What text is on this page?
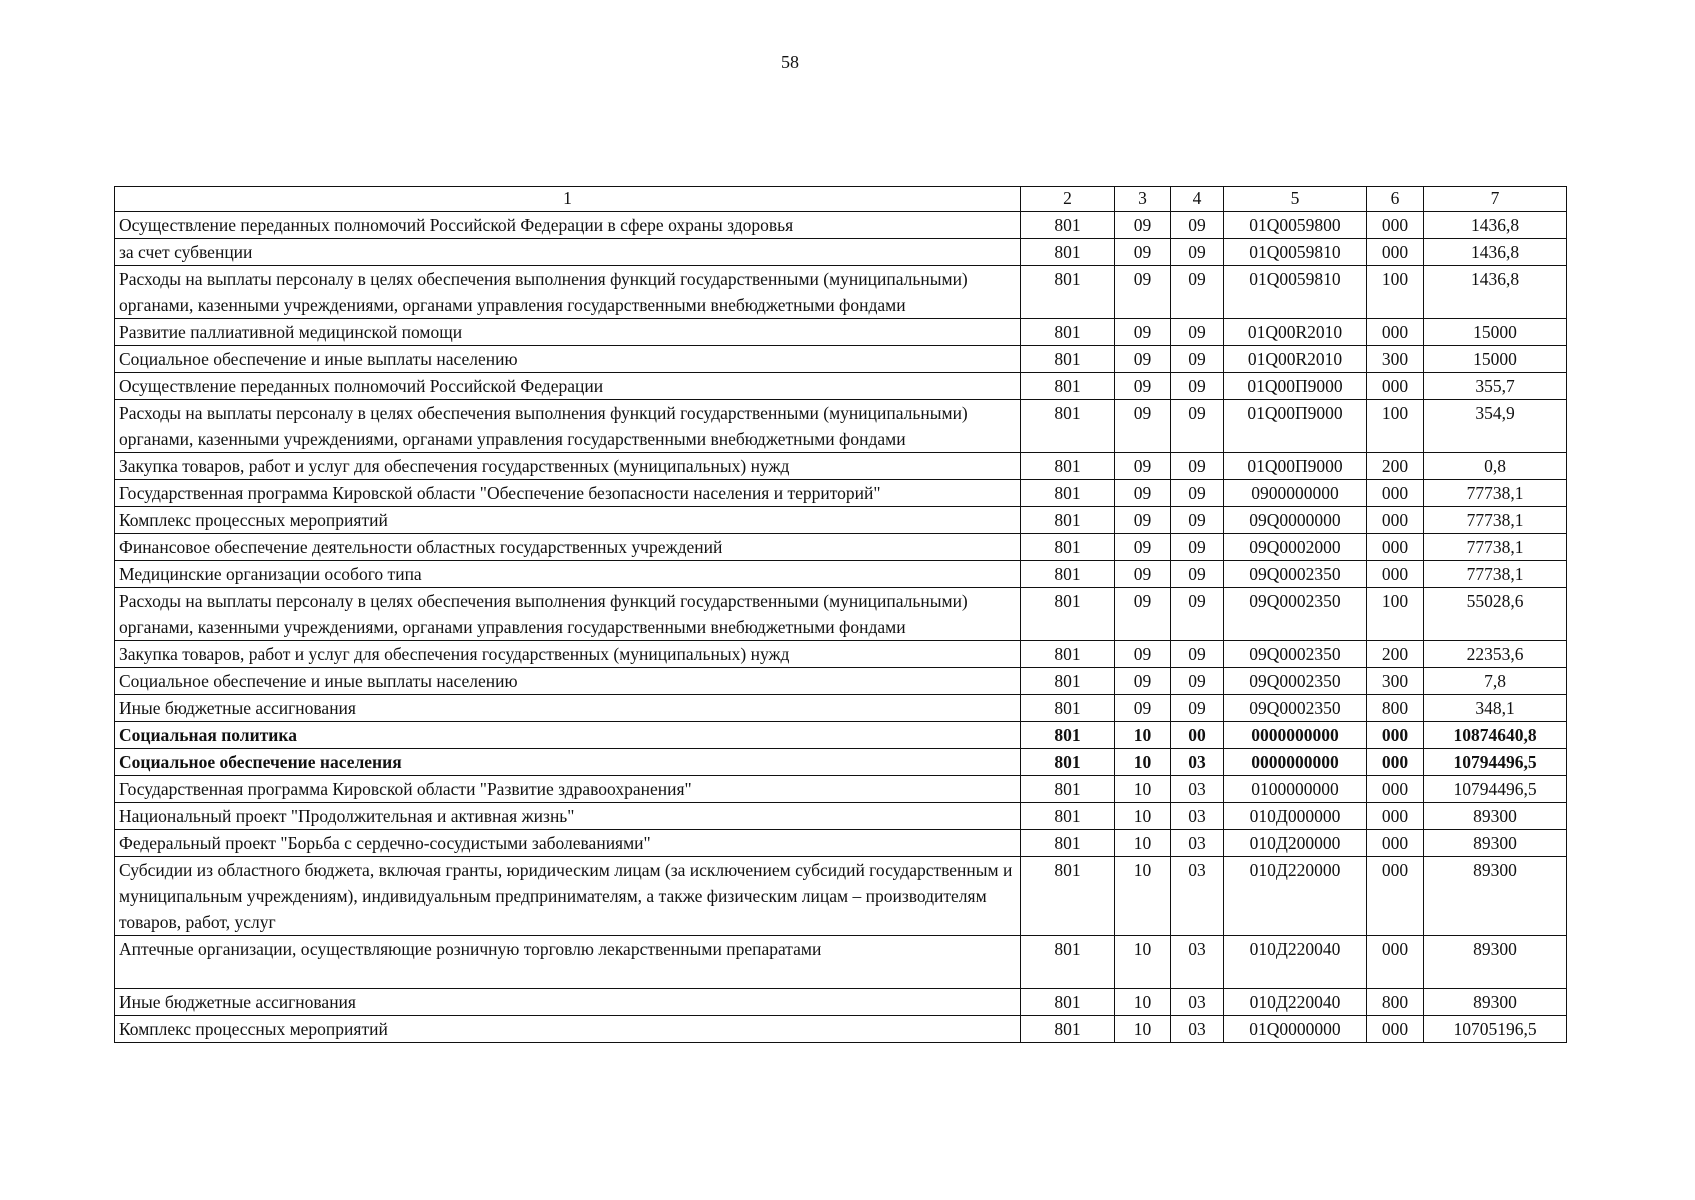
58
1	2	3	4	5	6	7
Осуществление переданных полномочий Российской Федерации в сфере охраны здоровья	801	09	09	01Q0059800	000	1436,8
за счет субвенции	801	09	09	01Q0059810	000	1436,8
Расходы на выплаты персоналу в целях обеспечения выполнения функций государственными (муниципальными) органами, казенными учреждениями, органами управления государственными внебюджетными фондами	801	09	09	01Q0059810	100	1436,8
Развитие паллиативной медицинской помощи	801	09	09	01Q00R2010	000	15000
Социальное обеспечение и иные выплаты населению	801	09	09	01Q00R2010	300	15000
Осуществление переданных полномочий Российской Федерации	801	09	09	01Q00П9000	000	355,7
Расходы на выплаты персоналу в целях обеспечения выполнения функций государственными (муниципальными) органами, казенными учреждениями, органами управления государственными внебюджетными фондами	801	09	09	01Q00П9000	100	354,9
Закупка товаров, работ и услуг для обеспечения государственных (муниципальных) нужд	801	09	09	01Q00П9000	200	0,8
Государственная программа Кировской области "Обеспечение безопасности населения и территорий"	801	09	09	0900000000	000	77738,1
Комплекс процессных мероприятий	801	09	09	09Q0000000	000	77738,1
Финансовое обеспечение деятельности областных государственных учреждений	801	09	09	09Q0002000	000	77738,1
Медицинские организации особого типа	801	09	09	09Q0002350	000	77738,1
Расходы на выплаты персоналу в целях обеспечения выполнения функций государственными (муниципальными) органами, казенными учреждениями, органами управления государственными внебюджетными фондами	801	09	09	09Q0002350	100	55028,6
Закупка товаров, работ и услуг для обеспечения государственных (муниципальных) нужд	801	09	09	09Q0002350	200	22353,6
Социальное обеспечение и иные выплаты населению	801	09	09	09Q0002350	300	7,8
Иные бюджетные ассигнования	801	09	09	09Q0002350	800	348,1
Социальная политика	801	10	00	0000000000	000	10874640,8
Социальное обеспечение населения	801	10	03	0000000000	000	10794496,5
Государственная программа Кировской области "Развитие здравоохранения"	801	10	03	0100000000	000	10794496,5
Национальный проект "Продолжительная и активная жизнь"	801	10	03	010Д000000	000	89300
Федеральный проект "Борьба с сердечно-сосудистыми заболеваниями"	801	10	03	010Д200000	000	89300
Субсидии из областного бюджета, включая гранты, юридическим лицам (за исключением субсидий государственным и муниципальным учреждениям), индивидуальным предпринимателям, а также физическим лицам – производителям товаров, работ, услуг	801	10	03	010Д220000	000	89300
Аптечные организации, осуществляющие розничную торговлю лекарственными препаратами	801	10	03	010Д220040	000	89300
Иные бюджетные ассигнования	801	10	03	010Д220040	800	89300
Комплекс процессных мероприятий	801	10	03	01Q0000000	000	10705196,5
